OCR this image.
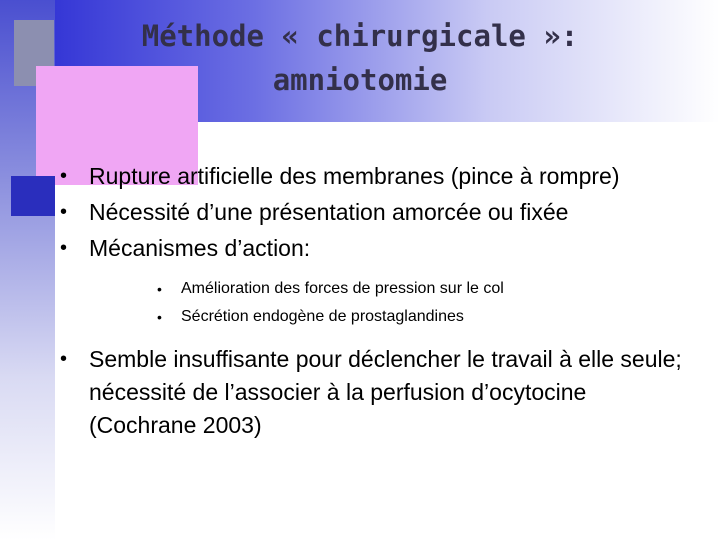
Méthode « chirurgicale »:
amniotomie
• Rupture artificielle des membranes (pince à rompre)
• Nécessité d’une présentation amorcée ou fixée
• Mécanismes d’action:
• Amélioration des forces de pression sur le col
• Sécrétion endogène de prostaglandines
• Semble insuffisante pour déclencher le travail à elle seule; nécessité de l’associer à la perfusion d’ocytocine (Cochrane 2003)
